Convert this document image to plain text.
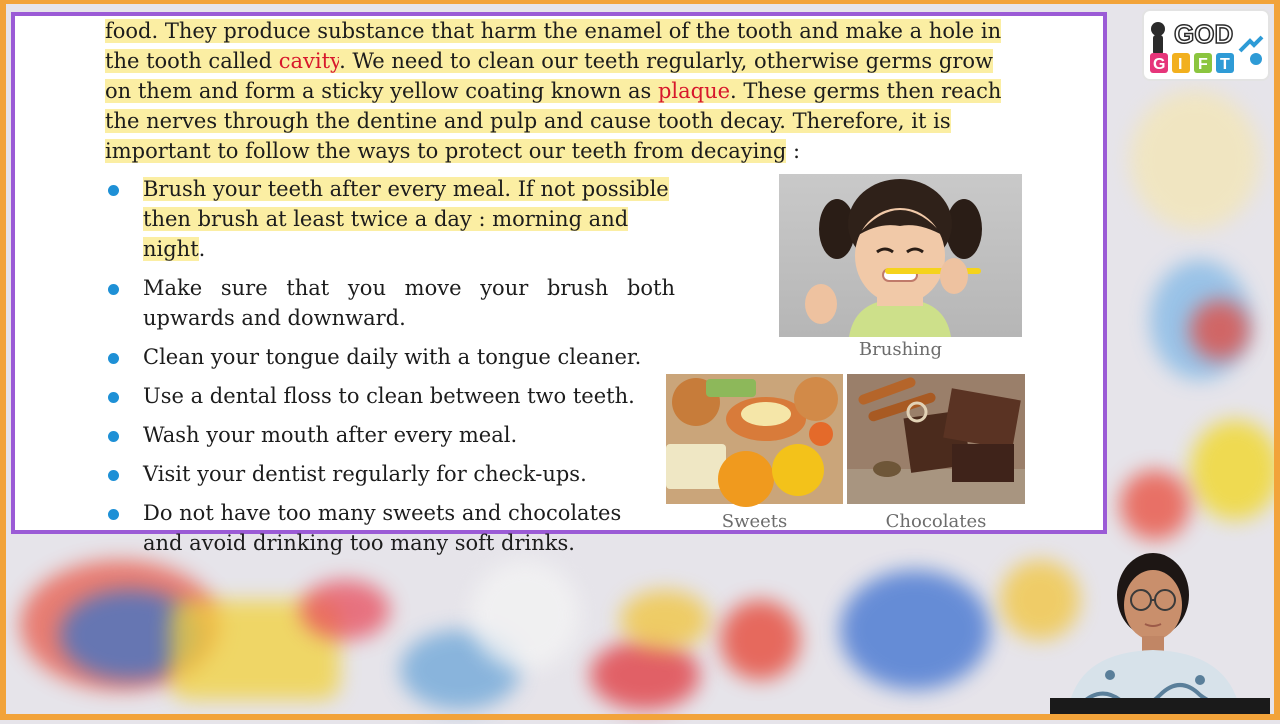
food. They produce substance that harm the enamel of the tooth and make a hole in
the tooth called cavity. We need to clean our teeth regularly, otherwise germs grow
on them and form a sticky yellow coating known as plaque. These germs then reach
the nerves through the dentine and pulp and cause tooth decay. Therefore, it is
important to follow the ways to protect our teeth from decaying :
Brush your teeth after every meal. If not possible
then brush at least twice a day : morning and night.
Make sure that you move your brush both
upwards and downward.
Clean your tongue daily with a tongue cleaner.
Use a dental floss to clean between two teeth.
Wash your mouth after every meal.
Visit your dentist regularly for check-ups.
Do not have too many sweets and chocolates
and avoid drinking too many soft drinks.
Brushing
Sweets	Chocolates
GOD
G I F T
